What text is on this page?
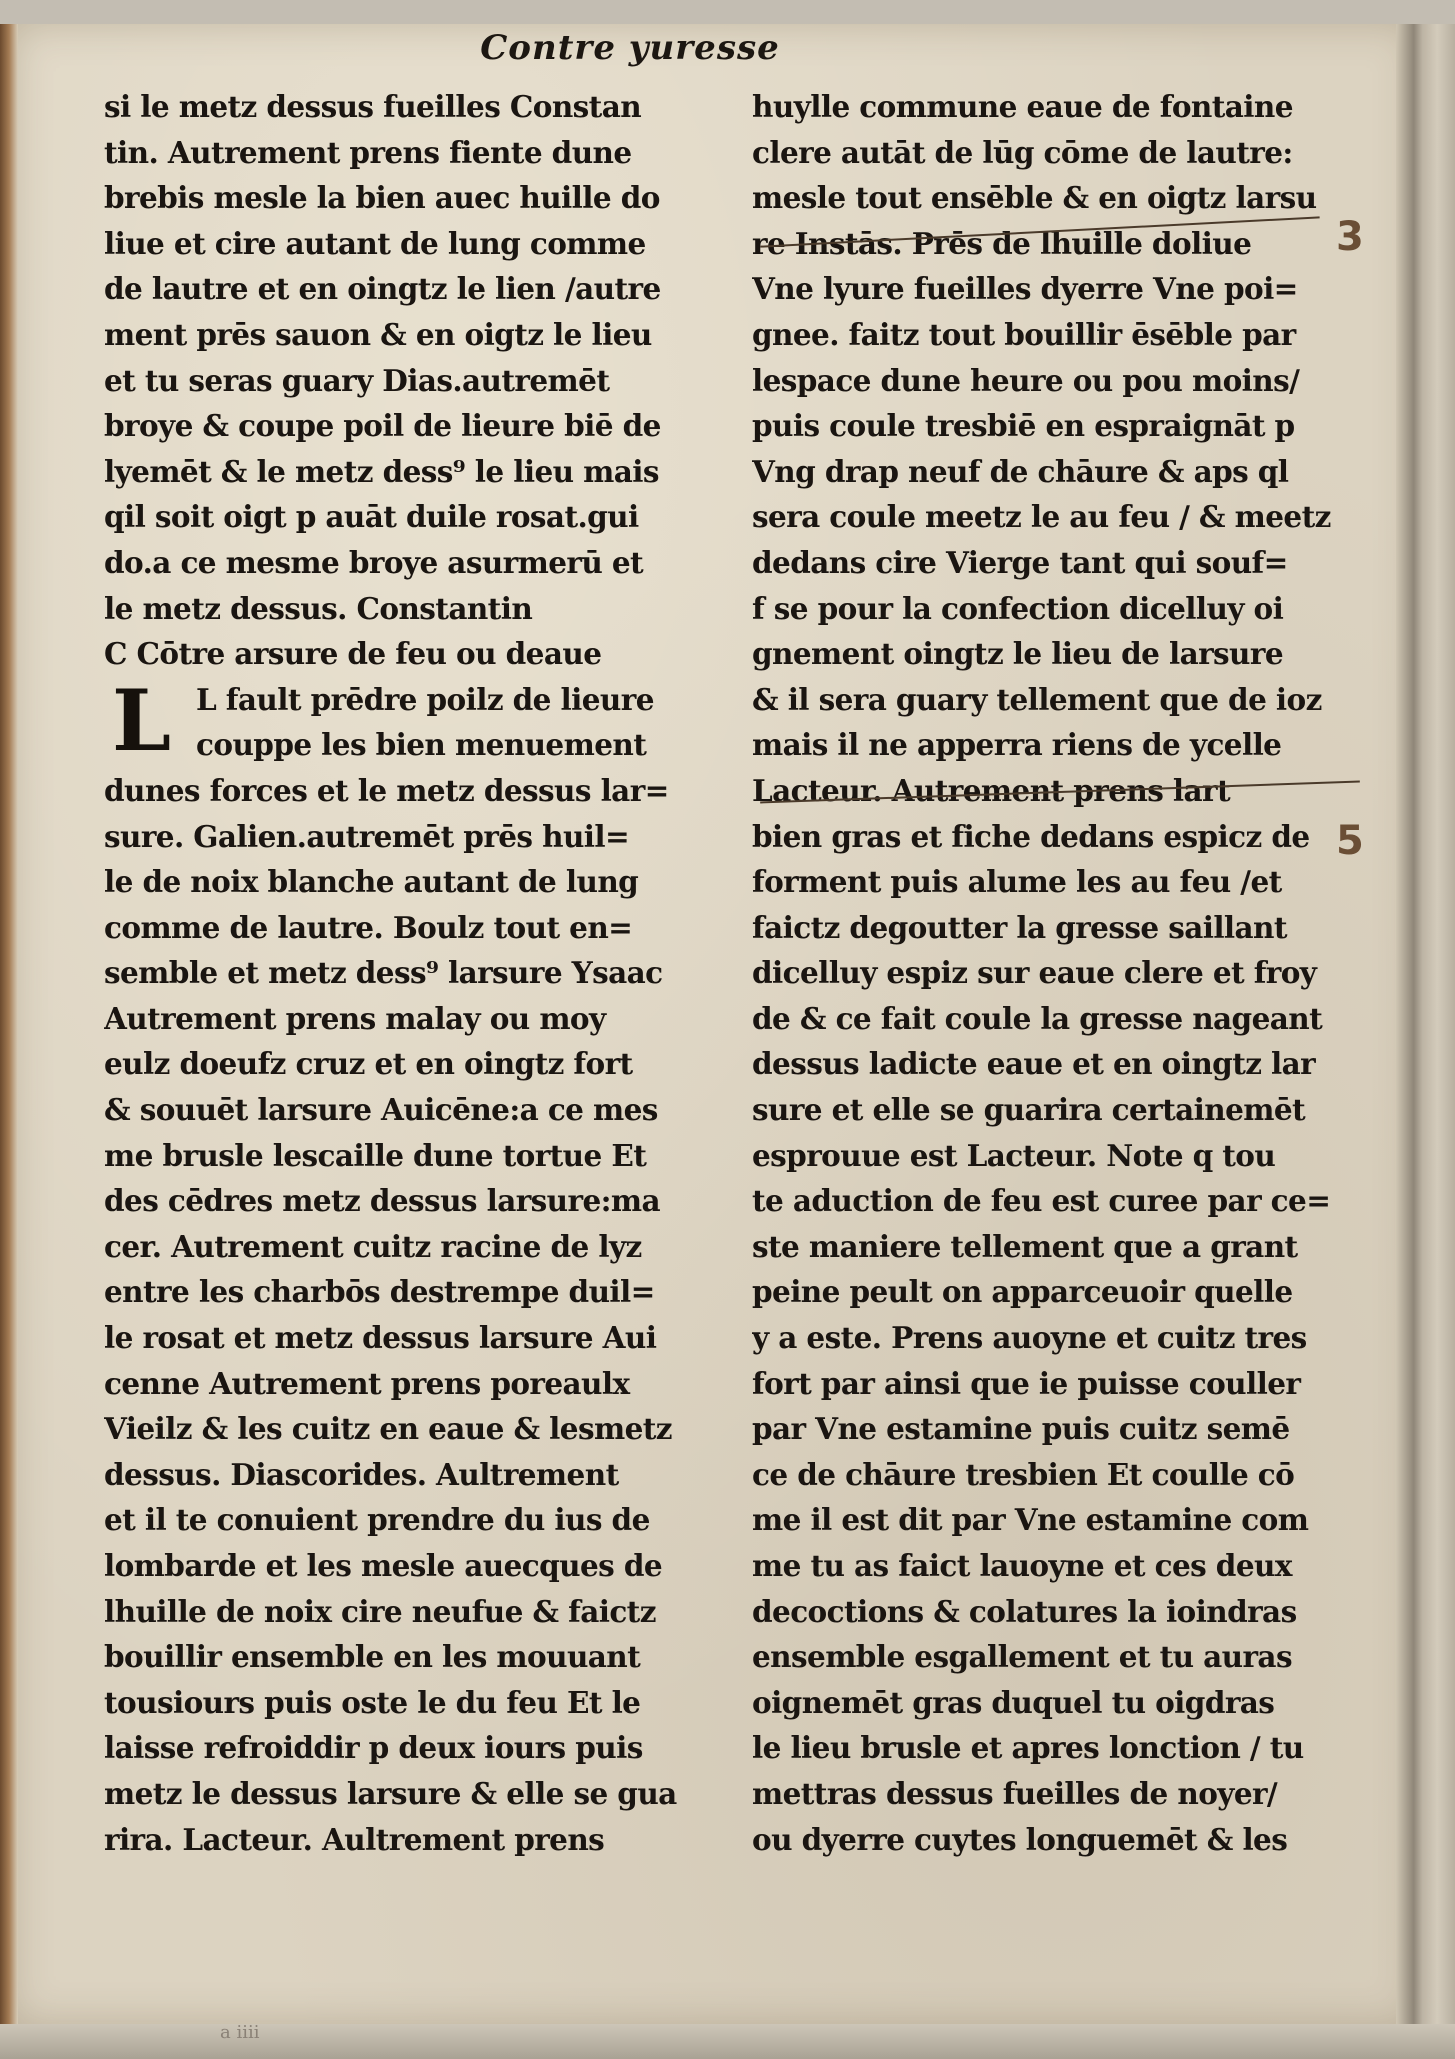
Contre yuresse
si le metz dessus fueilles Constan
tin. Autrement prens fiente dune
brebis mesle la bien auec huille do
liue et cire autant de lung comme
de lautre et en oingtz le lien /autre
ment prēs sauon & en oigtz le lieu
et tu seras guary Dias.autremēt
broye & coupe poil de lieure biē de
lyemēt & le metz dess⁹ le lieu mais
qil soit oigt p auāt duile rosat.gui
do.a ce mesme broye asurmerū et
le metz dessus. Constantin
C Cōtre arsure de feu ou deaue
L fault prēdre poilz de lieure
couppe les bien menuement
dunes forces et le metz dessus lar=
sure. Galien.autremēt prēs huil=
le de noix blanche autant de lung
comme de lautre. Boulz tout en=
semble et metz dess⁹ larsure Ysaac
Autrement prens malay ou moy
eulz doeufz cruz et en oingtz fort
& souuēt larsure Auicēne:a ce mes
me brusle lescaille dune tortue Et
des cēdres metz dessus larsure:ma
cer. Autrement cuitz racine de lyz
entre les charbōs destrempe duil=
le rosat et metz dessus larsure Aui
cenne Autrement prens poreaulx
Vieilz & les cuitz en eaue & lesmetz
dessus. Diascorides. Aultrement
et il te conuient prendre du ius de
lombarde et les mesle auecques de
lhuille de noix cire neufue & faictz
bouillir ensemble en les mouuant
tousiours puis oste le du feu Et le
laisse refroiddir p deux iours puis
metz le dessus larsure & elle se gua
rira. Lacteur. Aultrement prens
L
huylle commune eaue de fontaine
clere autāt de lūg cōme de lautre:
mesle tout ensēble & en oigtz larsu
re Instās. Prēs de lhuille doliue
Vne lyure fueilles dyerre Vne poi=
gnee. faitz tout bouillir ēsēble par
lespace dune heure ou pou moins/
puis coule tresbiē en espraignāt p
Vng drap neuf de chāure & aps ql
sera coule meetz le au feu / & meetz
dedans cire Vierge tant qui souf=
f se pour la confection dicelluy oi
gnement oingtz le lieu de larsure
& il sera guary tellement que de ioz
mais il ne apperra riens de ycelle
Lacteur. Autrement prens lart
bien gras et fiche dedans espicz de
forment puis alume les au feu /et
faictz degoutter la gresse saillant
dicelluy espiz sur eaue clere et froy
de & ce fait coule la gresse nageant
dessus ladicte eaue et en oingtz lar
sure et elle se guarira certainemēt
esprouue est Lacteur. Note q tou
te aduction de feu est curee par ce=
ste maniere tellement que a grant
peine peult on apparceuoir quelle
y a este. Prens auoyne et cuitz tres
fort par ainsi que ie puisse couller
par Vne estamine puis cuitz semē
ce de chāure tresbien Et coulle cō
me il est dit par Vne estamine com
me tu as faict lauoyne et ces deux
decoctions & colatures la ioindras
ensemble esgallement et tu auras
oignemēt gras duquel tu oigdras
le lieu brusle et apres lonction / tu
mettras dessus fueilles de noyer/
ou dyerre cuytes longuemēt & les
3
5
a iiii
